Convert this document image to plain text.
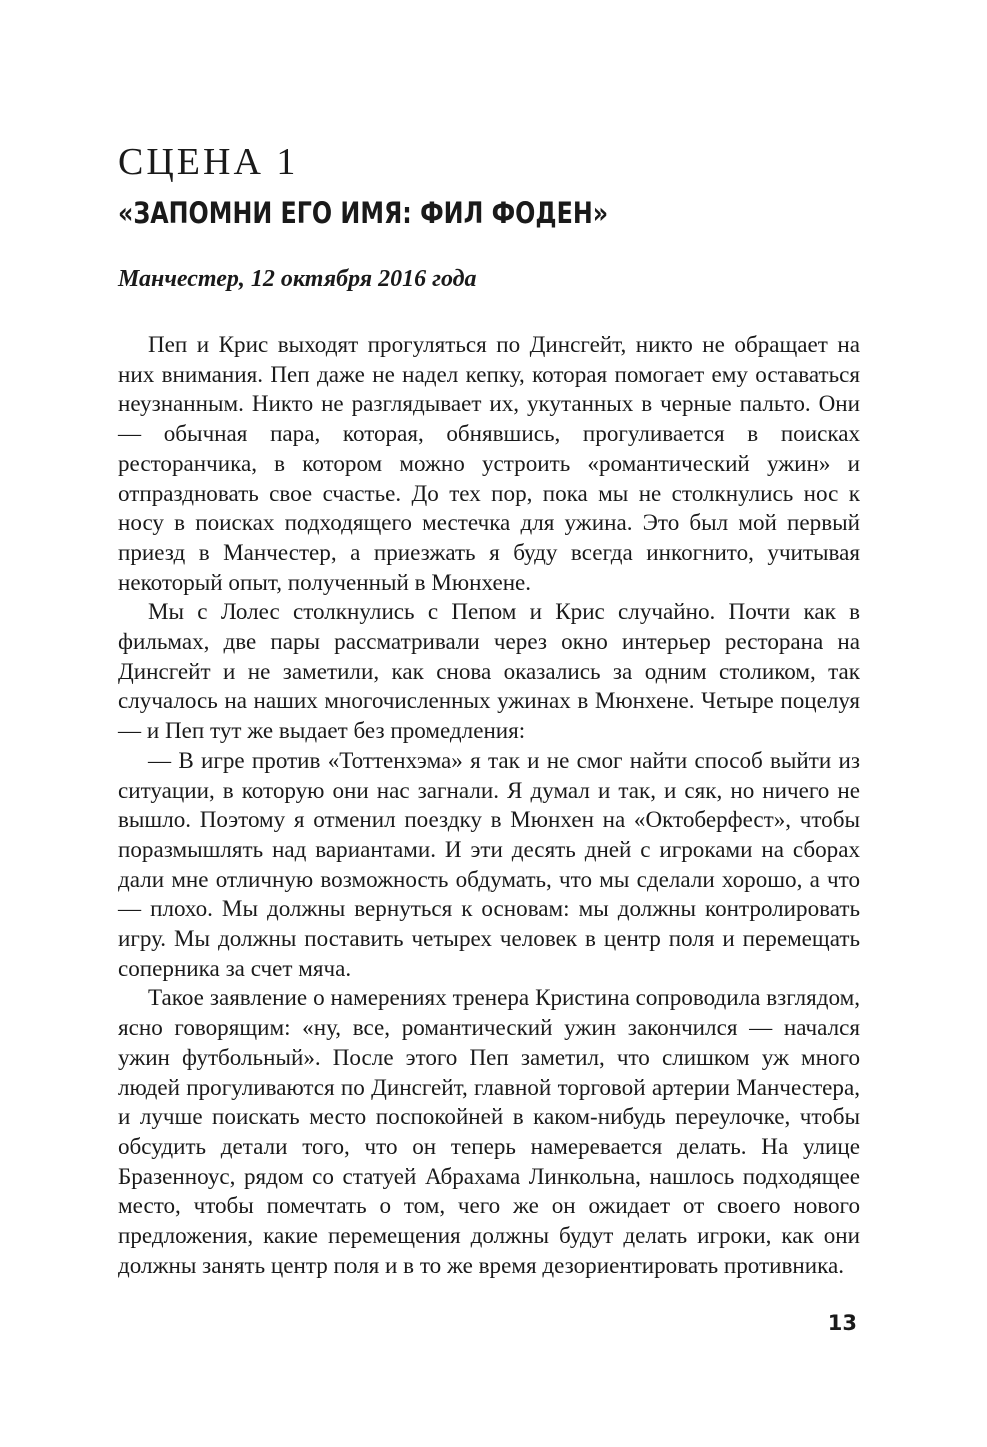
СЦЕНА 1
«ЗАПОМНИ ЕГО ИМЯ: ФИЛ ФОДЕН»
Манчестер, 12 октября 2016 года

Пеп и Крис выходят прогуляться по Динсгейт, никто не обращает на них внимания. Пеп даже не надел кепку, которая помогает ему оставаться неузнанным. Никто не разглядывает их, укутанных в черные пальто. Они — обычная пара, которая, обнявшись, прогуливается в поисках ресторанчика, в котором можно устроить «романтический ужин» и отпраздновать свое счастье. До тех пор, пока мы не столкнулись нос к носу в поисках подходящего местечка для ужина. Это был мой первый приезд в Манчестер, а приезжать я буду всегда инкогнито, учитывая некоторый опыт, полученный в Мюнхене.

Мы с Лолес столкнулись с Пепом и Крис случайно. Почти как в фильмах, две пары рассматривали через окно интерьер ресторана на Динсгейт и не заметили, как снова оказались за одним столиком, так случалось на наших многочисленных ужинах в Мюнхене. Четыре поцелуя — и Пеп тут же выдает без промедления:

— В игре против «Тоттенхэма» я так и не смог найти способ выйти из ситуации, в которую они нас загнали. Я думал и так, и сяк, но ничего не вышло. Поэтому я отменил поездку в Мюнхен на «Октоберфест», чтобы поразмышлять над вариантами. И эти десять дней с игроками на сборах дали мне отличную возможность обдумать, что мы сделали хорошо, а что — плохо. Мы должны вернуться к основам: мы должны контролировать игру. Мы должны поставить четырех человек в центр поля и перемещать соперника за счет мяча.

Такое заявление о намерениях тренера Кристина сопроводила взглядом, ясно говорящим: «ну, все, романтический ужин закончился — начался ужин футбольный». После этого Пеп заметил, что слишком уж много людей прогуливаются по Динсгейт, главной торговой артерии Манчестера, и лучше поискать место поспокойней в каком-нибудь переулочке, чтобы обсудить детали того, что он теперь намеревается делать. На улице Бразенноус, рядом со статуей Абрахама Линкольна, нашлось подходящее место, чтобы помечтать о том, чего же он ожидает от своего нового предложения, какие перемещения должны будут делать игроки, как они должны занять центр поля и в то же время дезориентировать противника.

13
